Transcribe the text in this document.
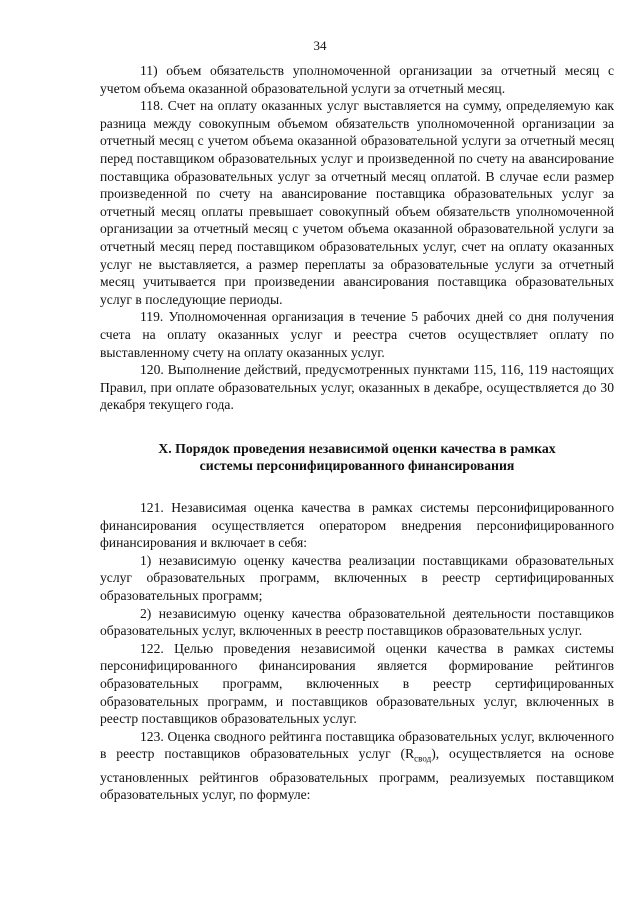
34

11) объем обязательств уполномоченной организации за отчетный месяц с учетом объема оказанной образовательной услуги за отчетный месяц.

118. Счет на оплату оказанных услуг выставляется на сумму, определяемую как разница между совокупным объемом обязательств уполномоченной организации за отчетный месяц с учетом объема оказанной образовательной услуги за отчетный месяц перед поставщиком образовательных услуг и произведенной по счету на авансирование поставщика образовательных услуг за отчетный месяц оплатой. В случае если размер произведенной по счету на авансирование поставщика образовательных услуг за отчетный месяц оплаты превышает совокупный объем обязательств уполномоченной организации за отчетный месяц с учетом объема оказанной образовательной услуги за отчетный месяц перед поставщиком образовательных услуг, счет на оплату оказанных услуг не выставляется, а размер переплаты за образовательные услуги за отчетный месяц учитывается при произведении авансирования поставщика образовательных услуг в последующие периоды.

119. Уполномоченная организация в течение 5 рабочих дней со дня получения счета на оплату оказанных услуг и реестра счетов осуществляет оплату по выставленному счету на оплату оказанных услуг.

120. Выполнение действий, предусмотренных пунктами 115, 116, 119 настоящих Правил, при оплате образовательных услуг, оказанных в декабре, осуществляется до 30 декабря текущего года.

X. Порядок проведения независимой оценки качества в рамках
системы персонифицированного финансирования

121. Независимая оценка качества в рамках системы персонифицированного финансирования осуществляется оператором внедрения персонифицированного финансирования и включает в себя:

1) независимую оценку качества реализации поставщиками образовательных услуг образовательных программ, включенных в реестр сертифицированных образовательных программ;

2) независимую оценку качества образовательной деятельности поставщиков образовательных услуг, включенных в реестр поставщиков образовательных услуг.

122. Целью проведения независимой оценки качества в рамках системы персонифицированного финансирования является формирование рейтингов образовательных программ, включенных в реестр сертифицированных образовательных программ, и поставщиков образовательных услуг, включенных в реестр поставщиков образовательных услуг.

123. Оценка сводного рейтинга поставщика образовательных услуг, включенного в реестр поставщиков образовательных услуг $(R_{свод})$, осуществляется на основе установленных рейтингов образовательных программ, реализуемых поставщиком образовательных услуг, по формуле:
